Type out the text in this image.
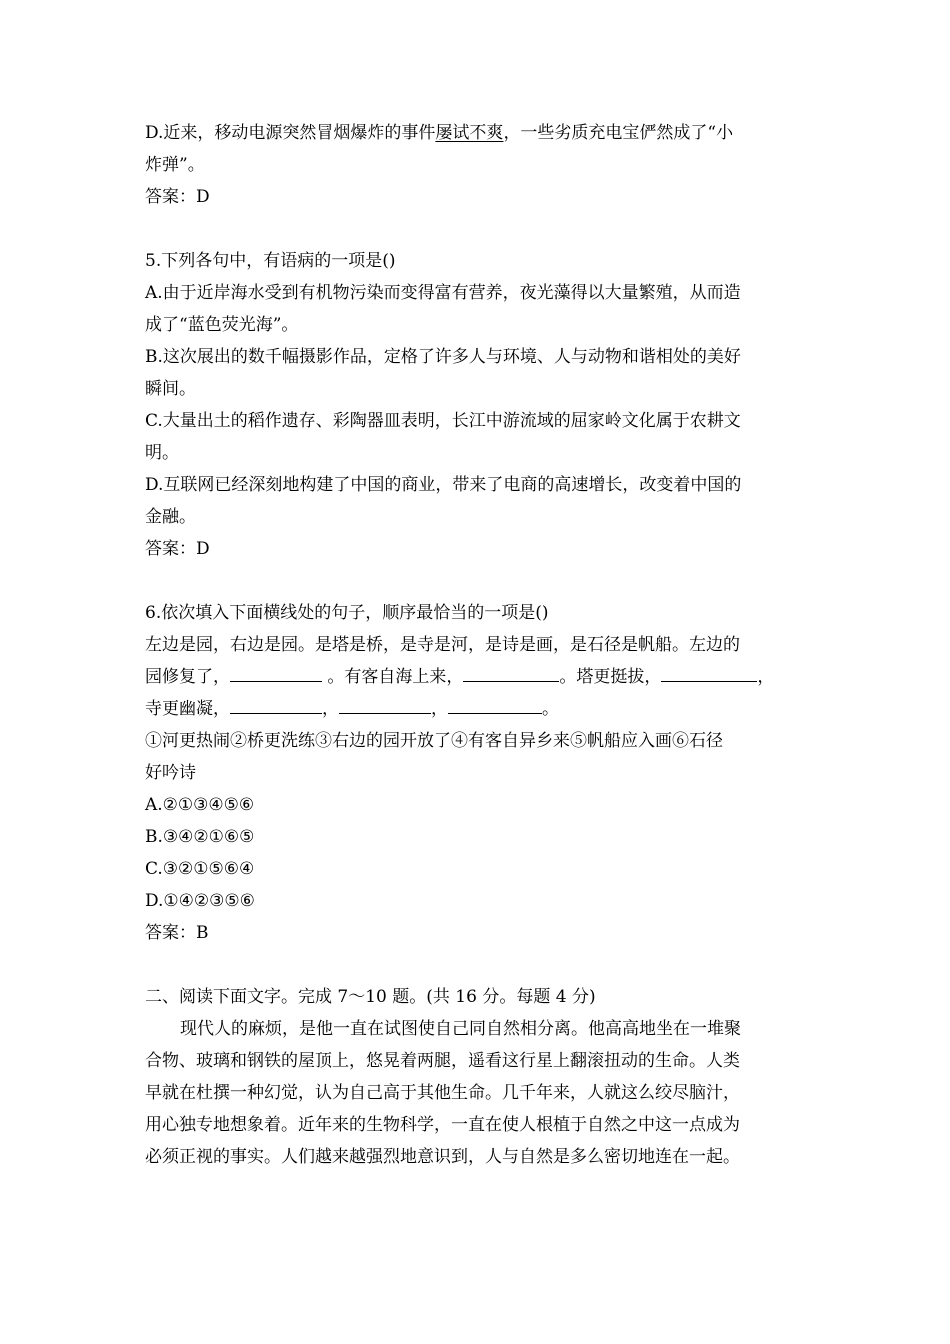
D.近来，移动电源突然冒烟爆炸的事件屡试不爽，一些劣质充电宝俨然成了“小
炸弹”。
答案：D
5.下列各句中，有语病的一项是()
A.由于近岸海水受到有机物污染而变得富有营养，夜光藻得以大量繁殖，从而造
成了“蓝色荧光海”。
B.这次展出的数千幅摄影作品，定格了许多人与环境、人与动物和谐相处的美好
瞬间。
C.大量出土的稻作遗存、彩陶器皿表明，长江中游流域的屈家岭文化属于农耕文
明。
D.互联网已经深刻地构建了中国的商业，带来了电商的高速增长，改变着中国的
金融。
答案：D
6.依次填入下面横线处的句子，顺序最恰当的一项是()
左边是园，右边是园。是塔是桥，是寺是河，是诗是画，是石径是帆船。左边的
园修复了，	。有客自海上来，	。塔更挺拔，	，
寺更幽凝，	，	，	。
①河更热闹②桥更洗练③右边的园开放了④有客自异乡来⑤帆船应入画⑥石径
好吟诗
A.②①③④⑤⑥
B.③④②①⑥⑤
C.③②①⑤⑥④
D.①④②③⑤⑥
答案：B
二、阅读下面文字。完成 7～10 题。(共 16 分。每题 4 分)
现代人的麻烦，是他一直在试图使自己同自然相分离。他高高地坐在一堆聚
合物、玻璃和钢铁的屋顶上，悠晃着两腿，遥看这行星上翻滚扭动的生命。人类
早就在杜撰一种幻觉，认为自己高于其他生命。几千年来，人就这么绞尽脑汁，
用心独专地想象着。近年来的生物科学，一直在使人根植于自然之中这一点成为
必须正视的事实。人们越来越强烈地意识到，人与自然是多么密切地连在一起。
